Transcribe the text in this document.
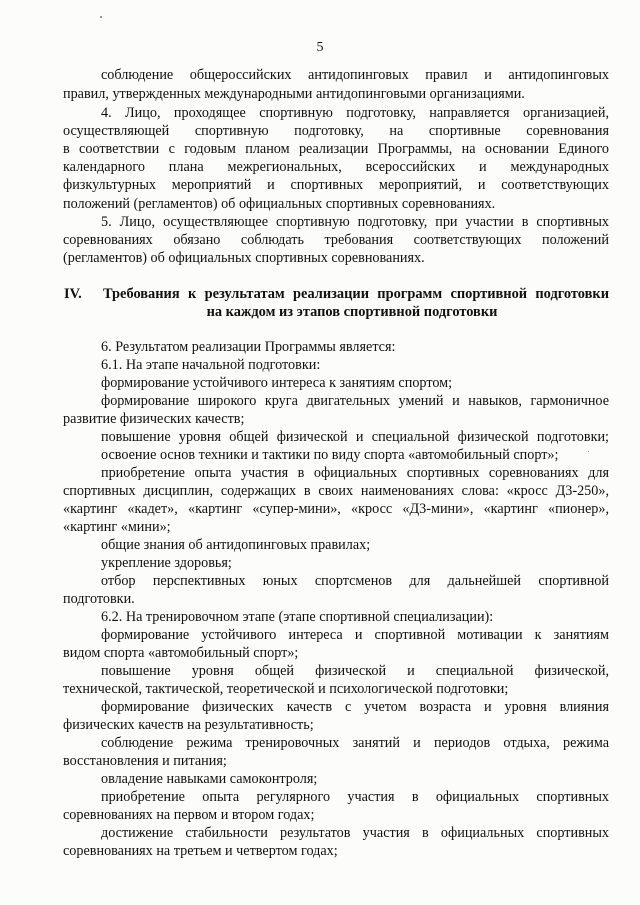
5
соблюдение общероссийских антидопинговых правил и антидопинговых
правил, утвержденных международными антидопинговыми организациями.
4. Лицо, проходящее спортивную подготовку, направляется организацией,
осуществляющей спортивную подготовку, на спортивные соревнования
в соответствии с годовым планом реализации Программы, на основании Единого
календарного плана межрегиональных, всероссийских и международных
физкультурных мероприятий и спортивных мероприятий, и соответствующих
положений (регламентов) об официальных спортивных соревнованиях.
5. Лицо, осуществляющее спортивную подготовку, при участии в спортивных
соревнованиях обязано соблюдать требования соответствующих положений
(регламентов) об официальных спортивных соревнованиях.
IV. Требования к результатам реализации программ спортивной подготовки
на каждом из этапов спортивной подготовки
6. Результатом реализации Программы является:
6.1. На этапе начальной подготовки:
формирование устойчивого интереса к занятиям спортом;
формирование широкого круга двигательных умений и навыков, гармоничное
развитие физических качеств;
повышение уровня общей физической и специальной физической подготовки;
освоение основ техники и тактики по виду спорта «автомобильный спорт»;
приобретение опыта участия в официальных спортивных соревнованиях для
спортивных дисциплин, содержащих в своих наименованиях слова: «кросс Д3-250»,
«картинг «кадет», «картинг «супер-мини», «кросс «Д3-мини», «картинг «пионер»,
«картинг «мини»;
общие знания об антидопинговых правилах;
укрепление здоровья;
отбор перспективных юных спортсменов для дальнейшей спортивной
подготовки.
6.2. На тренировочном этапе (этапе спортивной специализации):
формирование устойчивого интереса и спортивной мотивации к занятиям
видом спорта «автомобильный спорт»;
повышение уровня общей физической и специальной физической,
технической, тактической, теоретической и психологической подготовки;
формирование физических качеств с учетом возраста и уровня влияния
физических качеств на результативность;
соблюдение режима тренировочных занятий и периодов отдыха, режима
восстановления и питания;
овладение навыками самоконтроля;
приобретение опыта регулярного участия в официальных спортивных
соревнованиях на первом и втором годах;
достижение стабильности результатов участия в официальных спортивных
соревнованиях на третьем и четвертом годах;
